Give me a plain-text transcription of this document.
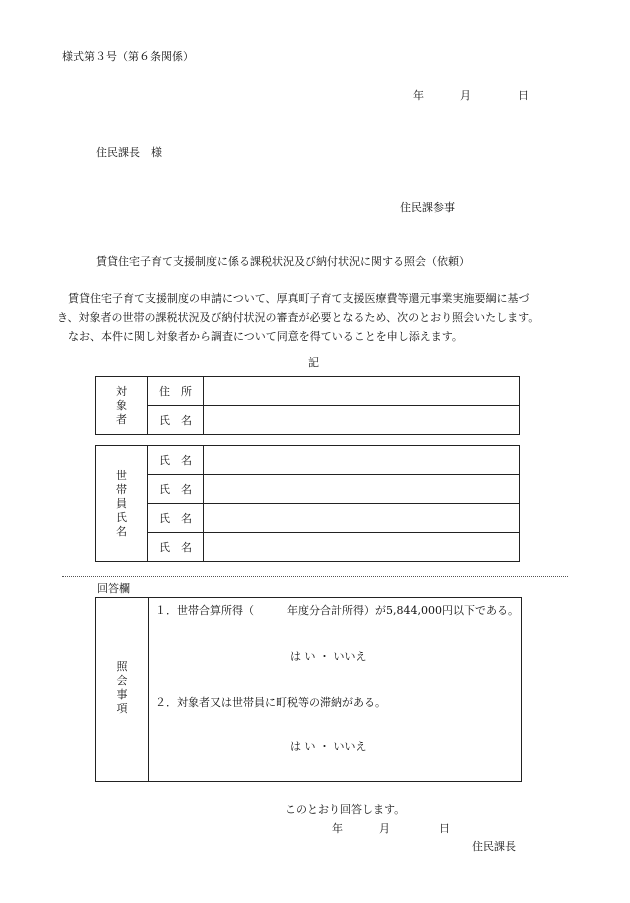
様式第３号（第６条関係）
年	月	日
住民課長　様
住民課参事
賃貸住宅子育て支援制度に係る課税状況及び納付状況に関する照会（依頼）
賃貸住宅子育て支援制度の申請について、厚真町子育て支援医療費等還元事業実施要綱に基づ
き、対象者の世帯の課税状況及び納付状況の審査が必要となるため、次のとおり照会いたします。
なお、本件に関し対象者から調査について同意を得ていることを申し添えます。
記
対
象
者	住　所	
	氏　名	
世
帯
員
氏
名	氏　名	
	氏　名	
	氏　名	
	氏　名	
回答欄
照
会
事
項
１．世帯合算所得（　　　年度分合計所得）が5,844,000円以下である。
は い ・ いいえ
２．対象者又は世帯員に町税等の滞納がある。
は い ・ いいえ
このとおり回答します。
年	月	日
住民課長
